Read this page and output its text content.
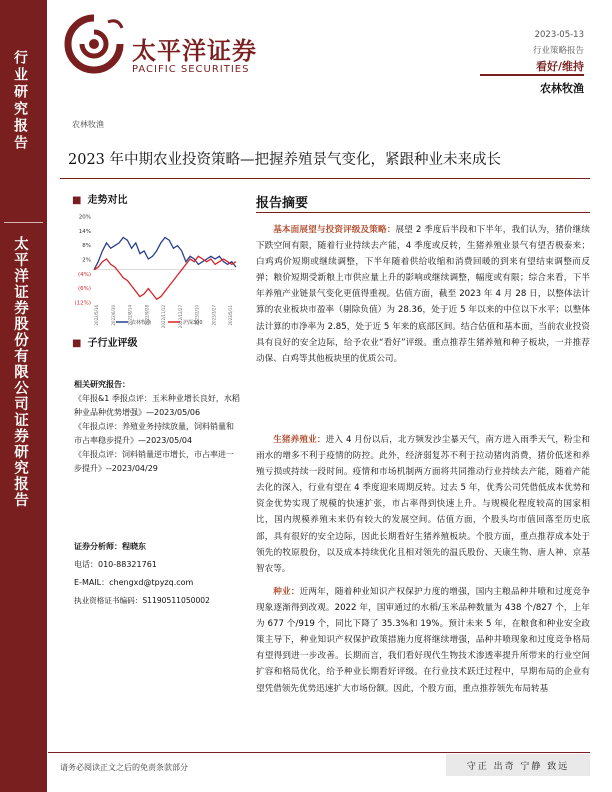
行业研究报告
太平洋证券股份有限公司证券研究报告
太平洋证券
PACIFIC SECURITIES
2023-05-13
行业策略报告
看好/维持
农林牧渔
农林牧渔
2023 年中期农业投资策略—把握养殖景气变化，紧跟种业未来成长
■ 走势对比
20%
14%
8%
2%
(4%)
(6%)
(12%)
2022/5/16	2022/6/30	2022/8/14	2022/9/28	2022/11/12	2022/12/27	2023/2/10	2023/3/27	2023/5/11
农林牧渔	沪深300
■ 子行业评级
相关研究报告：
《年报&1 季报点评：玉米种业增长良好，水稻种业品种优势增强》—2023/05/06
《年报点评：养殖业务持续放量，饲料销量和市占率稳步提升》—2023/05/04
《年报点评：饲料销量逆市增长，市占率进一步提升》--2023/04/29
证券分析师：程晓东
电话：010-88321761
E-MAIL：chengxd@tpyzq.com
执业资格证书编码：S1190511050002
报告摘要
基本面展望与投资评级及策略：展望 2 季度后半段和下半年，我们认为，猪价继续下跌空间有限，随着行业持续去产能，4 季度或反转，生猪养殖业景气有望否极泰来；白鸡鸡价短期或继续调整，下半年随着供给收缩和消费回暖的到来有望结束调整而反弹；粮价短期受新粮上市供应量上升的影响或继续调整，幅度或有限；综合来看，下半年养殖产业链景气变化更值得重视。估值方面，截至 2023 年 4 月 28 日，以整体法计算的农业板块市盈率（剔除负值）为 28.36，处于近 5 年以来的中位以下水平；以整体法计算的市净率为 2.85，处于近 5 年来的底部区间。结合估值和基本面，当前农业投资具有良好的安全边际，给予农业“看好”评级。重点推荐生猪养殖和种子板块，一并推荐动保、白鸡等其他板块里的优质公司。
生猪养殖业：进入 4 月份以后，北方频发沙尘暴天气，南方进入雨季天气，粉尘和雨水的增多不利于疫情的防控。此外，经济弱复苏不利于拉动猪肉消费，猪价低迷和养殖亏损或持续一段时间。疫情和市场机制两方面将共同推动行业持续去产能，随着产能去化的深入，行业有望在 4 季度迎来周期反转。过去 5 年，优秀公司凭借低成本优势和资金优势实现了规模的快速扩张，市占率得到快速上升。与规模化程度较高的国家相比，国内规模养殖未来仍有较大的发展空间。估值方面，个股头均市值回落至历史底部，具有很好的安全边际，因此长期看好生猪养殖板块。个股方面，重点推荐成本处于领先的牧原股份，以及成本持续优化且相对领先的温氏股份、天康生物、唐人神、京基智农等。
种业：近两年，随着种业知识产权保护力度的增强，国内主粮品种井喷和过度竞争现象逐渐得到改观。2022 年，国审通过的水稻/玉米品种数量为 438 个/827 个，上年为 677 个/919 个，同比下降了 35.3%和 19%。预计未来 5 年，在粮食和种业安全政策主导下，种业知识产权保护政策措施力度将继续增强，品种井喷现象和过度竞争格局有望得到进一步改善。长期而言，我们看好现代生物技术渗透率提升所带来的行业空间扩容和格局优化，给予种业长期看好评级。在行业技术跃迁过程中，早期布局的企业有望凭借领先优势迅速扩大市场份额。因此，个股方面，重点推荐领先布局转基
请务必阅读正文之后的免责条款部分	守正 出奇 宁静 致远
